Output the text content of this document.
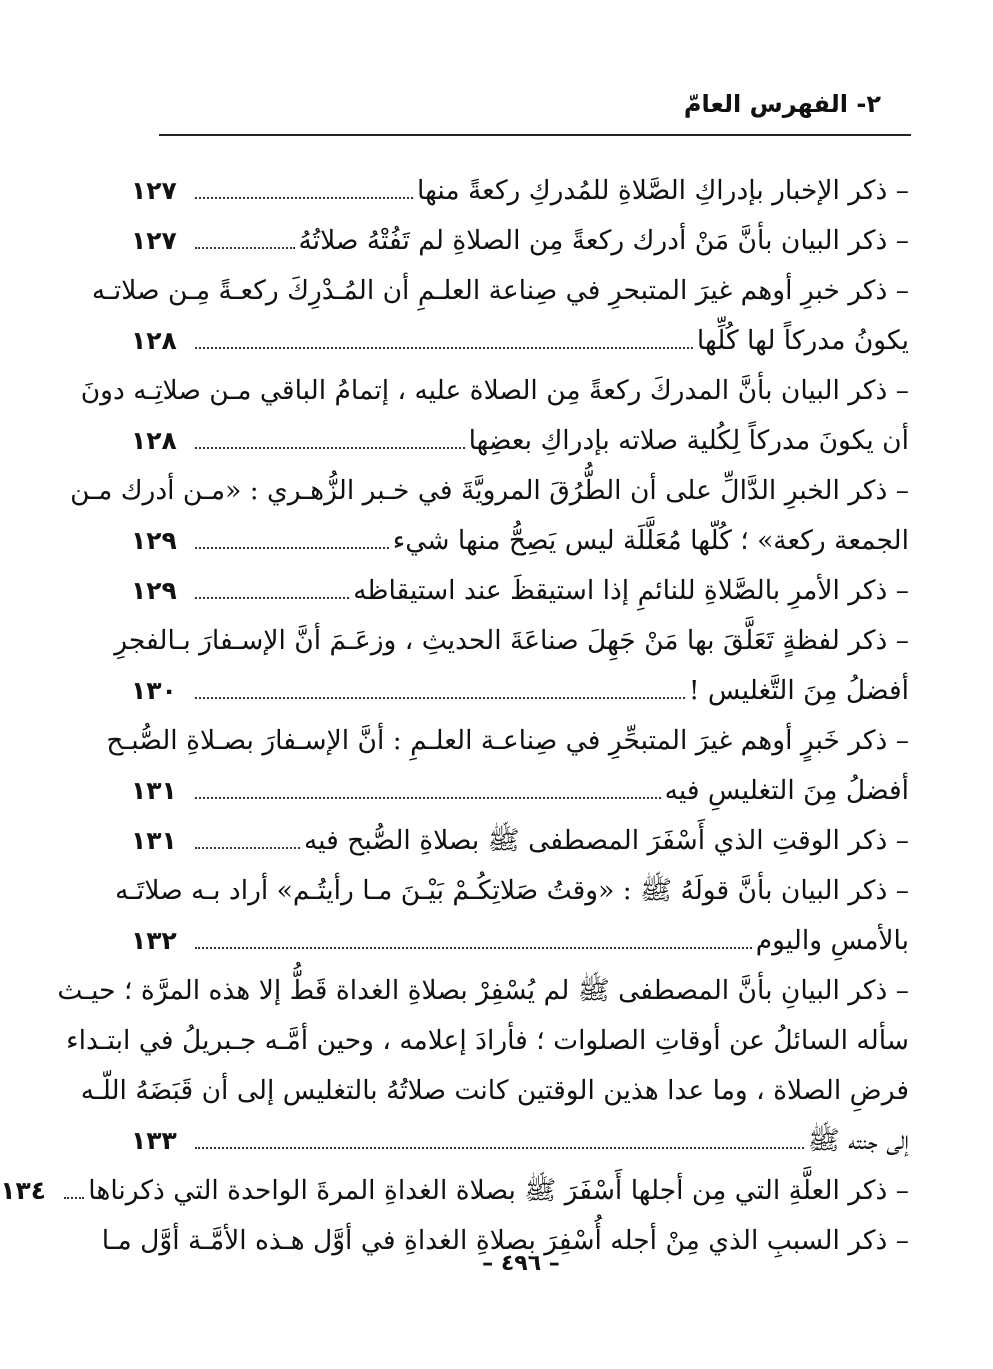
٢- الفهرس العامّ
– ذكر الإخبار بإدراكِ الصَّلاةِ للمُدركِ ركعةً منها
١٢٧
– ذكر البيان بأنَّ مَنْ أدرك ركعةً مِن الصلاةِ لم تَفُتْهُ صلاتُهُ
١٢٧
– ذكر خبرِ أوهم غيرَ المتبحرِ في صِناعة العلـمِ أن المُـدْرِكَ ركعـةً مِـن صلاتـه
يكونُ مدركاً لها كُلِّها
١٢٨
– ذكر البيان بأنَّ المدركَ ركعةً مِن الصلاة عليه ، إتمامُ الباقي مـن صلاتِـه دونَ
أن يكونَ مدركاً لِكُلية صلاته بإدراكِ بعضِها
١٢٨
– ذكر الخبرِ الدَّالِّ على أن الطُّرُقَ المرويَّةَ في خـبر الزُّهـري : «مـن أدرك مـن
الجمعة ركعة» ؛ كُلّها مُعَلَّلَة ليس يَصِحُّ منها شيء
١٢٩
– ذكر الأمرِ بالصَّلاةِ للنائمِ إذا استيقظَ عند استيقاظه
١٢٩
– ذكر لفظةٍ تَعَلَّقَ بها مَنْ جَهِلَ صناعَةَ الحديثِ ، وزعَـمَ أنَّ الإسـفارَ بـالفجرِ
أفضلُ مِنَ التَّغليس !
١٣٠
– ذكر خَبرٍ أوهم غيرَ المتبحِّرِ في صِناعـة العلـمِ : أنَّ الإسـفارَ بصـلاةِ الصُّبـح
أفضلُ مِنَ التغليسِ فيه
١٣١
– ذكر الوقتِ الذي أَسْفَرَ المصطفى ﷺ بصلاةِ الصُّبح فيه
١٣١
– ذكر البيان بأنَّ قولَهُ ﷺ : «وقتُ صَلاتِكُـمْ بَيْـنَ مـا رأيتُـم» أراد بـه صلاتَـه
بالأمسِ واليوم
١٣٢
– ذكر البيانِ بأنَّ المصطفى ﷺ لم يُسْفِرْ بصلاةِ الغداة قَطُّ إلا هذه المرَّة ؛ حيـث
سأله السائلُ عن أوقاتِ الصلوات ؛ فأرادَ إعلامه ، وحين أمَّـه جـبريلُ في ابتـداء
فرضِ الصلاة ، وما عدا هذين الوقتين كانت صلاتُهُ بالتغليس إلى أن قَبَضَهُ اللّـه
إلى جنته ﷺ
١٣٣
– ذكر العلَّةِ التي مِن أجلها أَسْفَرَ ﷺ بصلاة الغداةِ المرةَ الواحدة التي ذكرناها
١٣٤
– ذكر السببِ الذي مِنْ أجله أُسْفِرَ بصلاةِ الغداةِ في أوَّل هـذه الأمَّـة أوَّل مـا

– ٤٩٦ –
